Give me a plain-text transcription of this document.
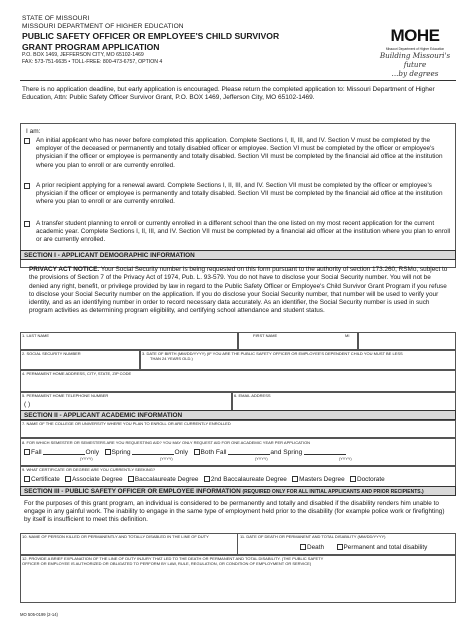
STATE OF MISSOURI
MISSOURI DEPARTMENT OF HIGHER EDUCATION
PUBLIC SAFETY OFFICER OR EMPLOYEE'S CHILD SURVIVOR
GRANT PROGRAM APPLICATION
P.O. BOX 1469, JEFFERSON CITY, MO 65102-1469
FAX: 573-751-6635 • TOLL-FREE: 800-473-6757, OPTION 4
MOHE
Missouri Department of Higher Education
Building Missouri's future
...by degrees
There is no application deadline, but early application is encouraged. Please return the completed application to: Missouri Department of Higher Education, Attn: Public Safety Officer Survivor Grant, P.O. BOX 1469, Jefferson City, MO 65102-1469.
I am:
An initial applicant who has never before completed this application. Complete Sections I, II, III, and IV. Section V must be completed by the employer of the deceased or permanently and totally disabled officer or employee. Section VI must be completed by the officer or employee's physician if the officer or employee is permanently and totally disabled. Section VII must be completed by the financial aid office at the institution where you plan to enroll or are currently enrolled.
A prior recipient applying for a renewal award. Complete Sections I, II, III, and IV. Section VII must be completed by the officer or employee's physician if the officer or employee is permanently and totally disabled. Section VII must be completed by the financial aid office at the institution where you plan to enroll or are currently enrolled.
A transfer student planning to enroll or currently enrolled in a different school than the one listed on my most recent application for the current academic year. Complete Sections I, II, III, and IV. Section VII must be completed by a financial aid officer at the institution where you plan to enroll or are currently enrolled.
SECTION I - APPLICANT DEMOGRAPHIC INFORMATION
PRIVACY ACT NOTICE. Your Social Security number is being requested on this form pursuant to the authority of section 173.260, RSMo, subject to the provisions of Section 7 of the Privacy Act of 1974, Pub. L. 93-579. You do not have to disclose your Social Security number. You will not be denied any right, benefit, or privilege provided by law in regard to the Public Safety Officer or Employee's Child Survivor Grant Program if you refuse to disclose your Social Security number on the application. If you do disclose your Social Security number, that number will be used to verify your identity, and as an identifying number in order to record necessary data accurately. As an identifier, the Social Security number is used in such program activities as determining program eligibility, and certifying school attendance and student status.
1. LAST NAME	FIRST NAME	MI
2. SOCIAL SECURITY NUMBER	3. DATE OF BIRTH (MM/DD/YYYY) (IF YOU ARE THE PUBLIC SAFETY OFFICER OR EMPLOYEE'S DEPENDENT CHILD YOU MUST BE LESS
THAN 24 YEARS OLD.)
4. PERMANENT HOME ADDRESS, CITY, STATE, ZIP CODE
5. PERMANENT HOME TELEPHONE NUMBER
( )
6. EMAIL ADDRESS
SECTION II - APPLICANT ACADEMIC INFORMATION
7. NAME OF THE COLLEGE OR UNIVERSITY WHERE YOU PLAN TO ENROLL OR ARE CURRENTLY ENROLLED
8. FOR WHICH SEMESTER OR SEMESTERS ARE YOU REQUESTING AID? YOU MAY ONLY REQUEST AID FOR ONE ACADEMIC YEAR PER APPLICATION
Fall	Only Spring	Only Both Fall	and Spring
(YYYY)	(YYYY)	(YYYY)	(YYYY)
9. WHAT CERTIFICATE OR DEGREE ARE YOU CURRENTLY SEEKING?
Certificate Associate Degree Baccalaureate Degree 2nd Baccalaureate Degree Masters Degree Doctorate
SECTION III - PUBLIC SAFETY OFFICER OR EMPLOYEE INFORMATION (REQUIRED ONLY FOR ALL INITIAL APPLICANTS AND PRIOR RECIPIENTS.)
For the purposes of this grant program, an individual is considered to be permanently and totally and disabled if the disability renders him unable to engage in any gainful work. The inability to engage in the same type of employment held prior to the disability (for example police work or firefighting) by itself is insufficient to meet this definition.
10. NAME OF PERSON KILLED OR PERMANENTLY AND TOTALLY DISABLED IN THE LINE OF DUTY	11. DATE OF DEATH OR PERMANENT AND TOTAL DISABILITY (MM/DD/YYYY)
Death	Permanent and total disability
12. PROVIDE A BRIEF EXPLANATION OF THE LINE OF DUTY INJURY THAT LED TO THE DEATH OR PERMANENT AND TOTAL DISABILITY. (THE PUBLIC SAFETY
OFFICER OR EMPLOYEE IS AUTHORIZED OR OBLIGATED TO PERFORM BY LAW, RULE, REGULATION, OR CONDITION OF EMPLOYMENT OR SERVICE)
MO 505-0199 (2-14)
